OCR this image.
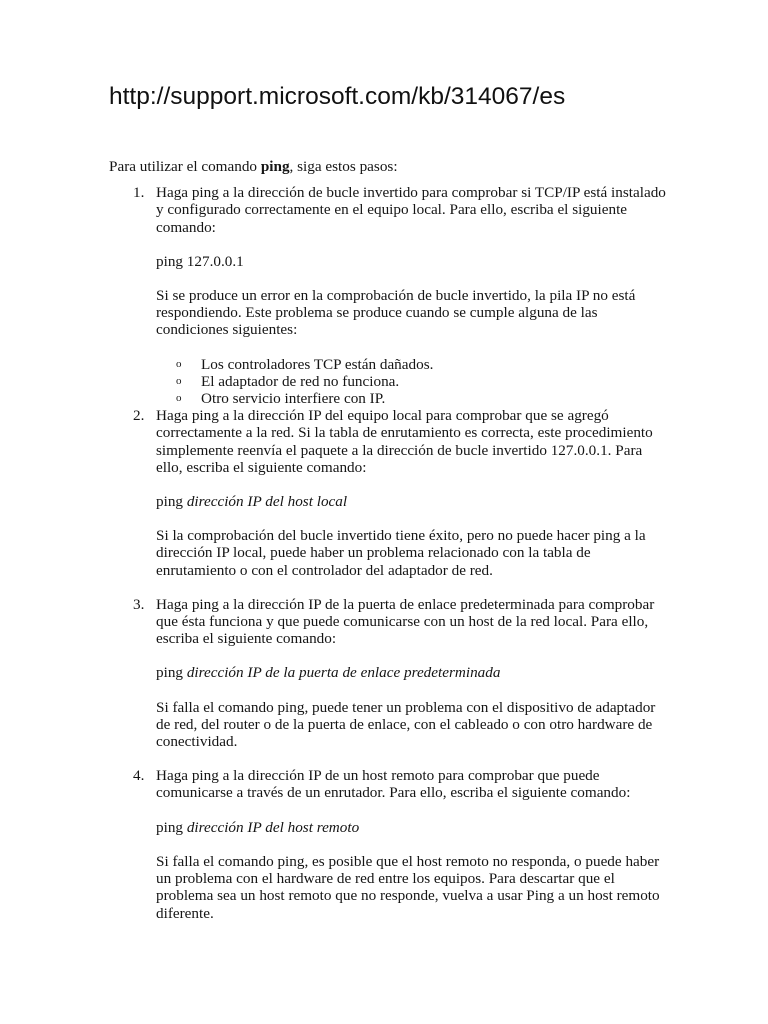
http://support.microsoft.com/kb/314067/es

Para utilizar el comando ping, siga estos pasos:

1. Haga ping a la dirección de bucle invertido para comprobar si TCP/IP está instalado y configurado correctamente en el equipo local. Para ello, escriba el siguiente comando:

ping 127.0.0.1

Si se produce un error en la comprobación de bucle invertido, la pila IP no está respondiendo. Este problema se produce cuando se cumple alguna de las condiciones siguientes:

o Los controladores TCP están dañados.
o El adaptador de red no funciona.
o Otro servicio interfiere con IP.
2. Haga ping a la dirección IP del equipo local para comprobar que se agregó correctamente a la red. Si la tabla de enrutamiento es correcta, este procedimiento simplemente reenvía el paquete a la dirección de bucle invertido 127.0.0.1. Para ello, escriba el siguiente comando:

ping dirección IP del host local

Si la comprobación del bucle invertido tiene éxito, pero no puede hacer ping a la dirección IP local, puede haber un problema relacionado con la tabla de enrutamiento o con el controlador del adaptador de red.

3. Haga ping a la dirección IP de la puerta de enlace predeterminada para comprobar que ésta funciona y que puede comunicarse con un host de la red local. Para ello, escriba el siguiente comando:

ping dirección IP de la puerta de enlace predeterminada

Si falla el comando ping, puede tener un problema con el dispositivo de adaptador de red, del router o de la puerta de enlace, con el cableado o con otro hardware de conectividad.

4. Haga ping a la dirección IP de un host remoto para comprobar que puede comunicarse a través de un enrutador. Para ello, escriba el siguiente comando:

ping dirección IP del host remoto

Si falla el comando ping, es posible que el host remoto no responda, o puede haber un problema con el hardware de red entre los equipos. Para descartar que el problema sea un host remoto que no responde, vuelva a usar Ping a un host remoto diferente.
